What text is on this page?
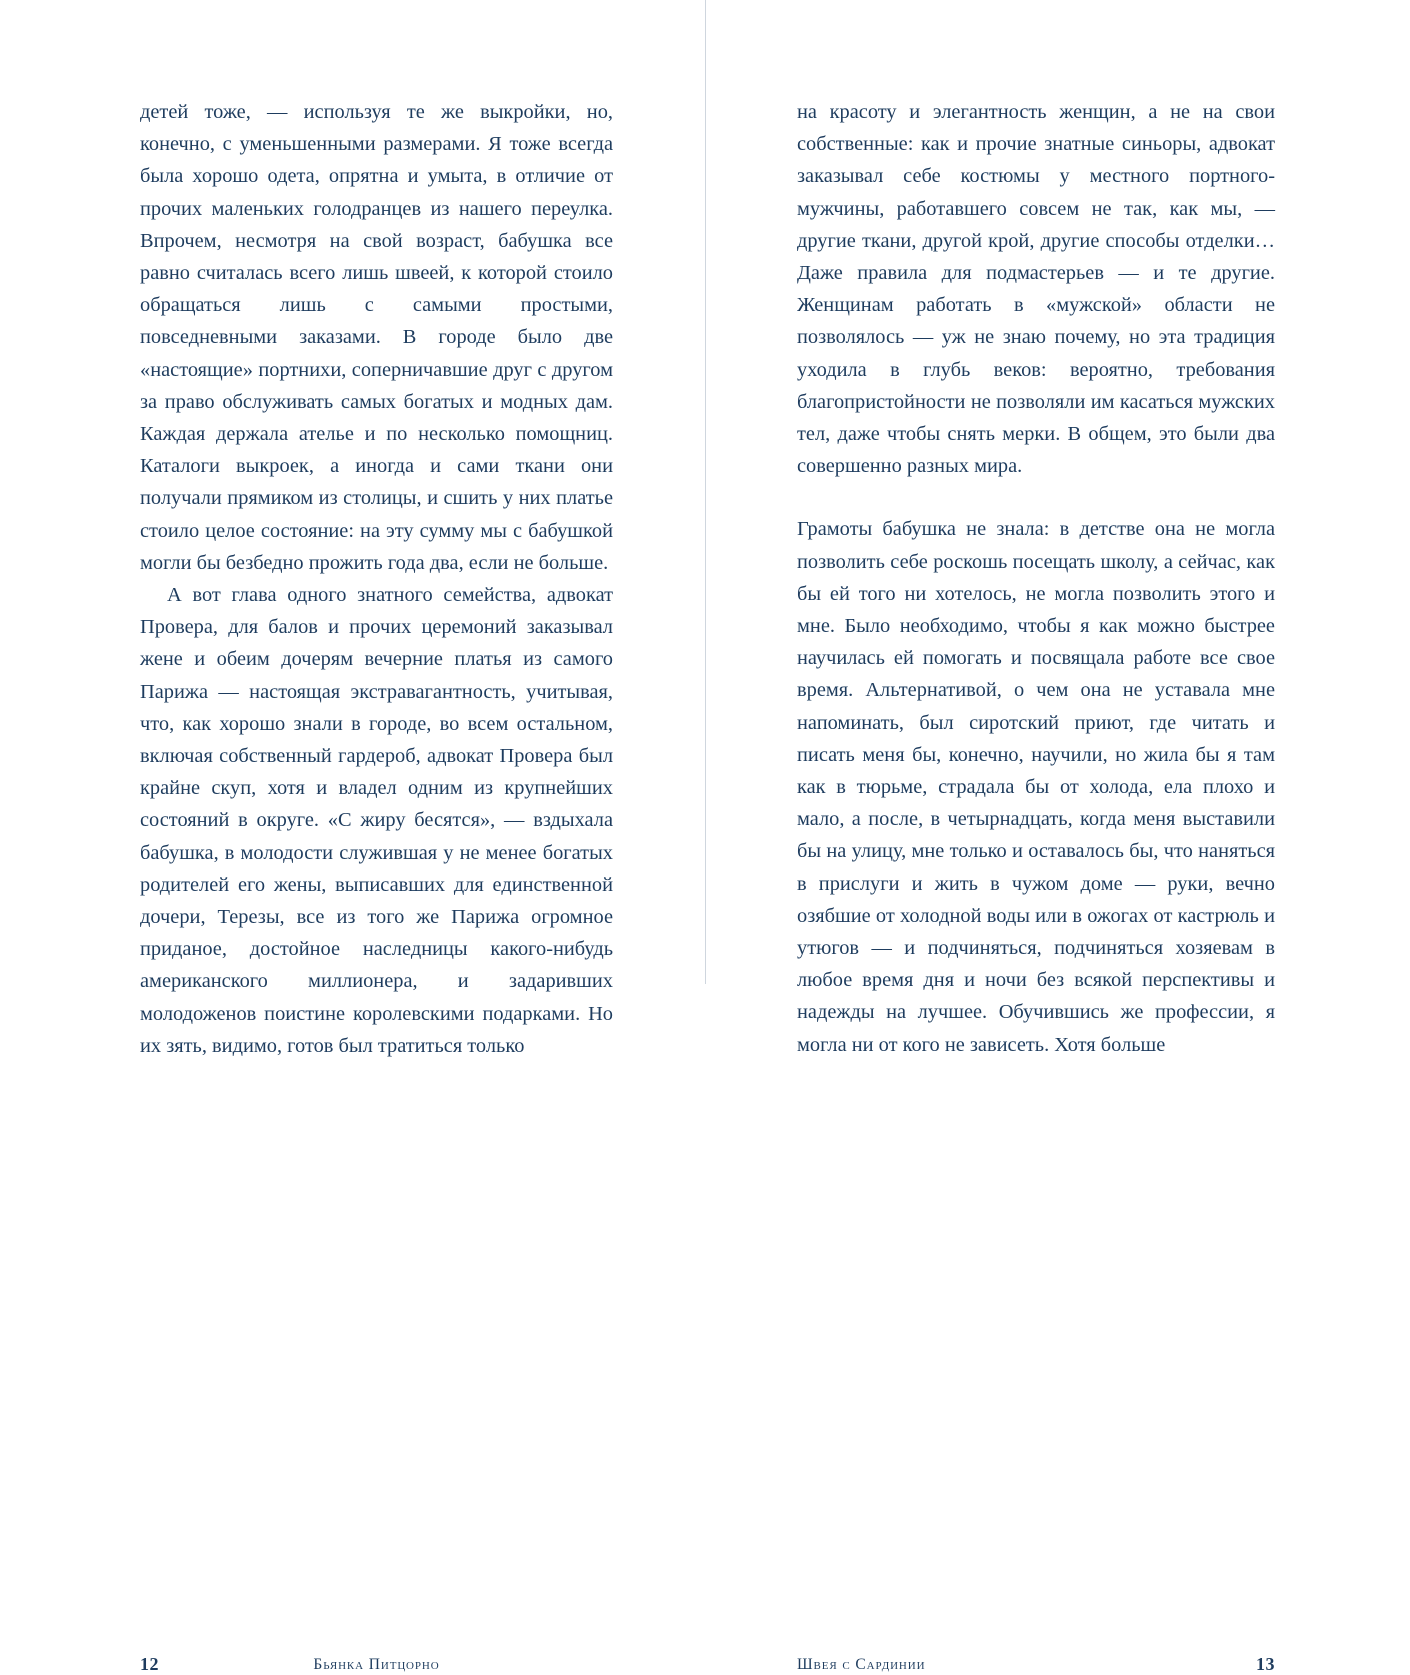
детей тоже, — используя те же выкройки, но, конечно, с уменьшенными размерами. Я тоже всегда была хорошо одета, опрятна и умыта, в отличие от прочих маленьких голодранцев из нашего переулка. Впрочем, несмотря на свой возраст, бабушка все равно считалась всего лишь швеей, к которой стоило обращаться лишь с самыми простыми, повседневными заказами. В городе было две «настоящие» портнихи, соперничавшие друг с другом за право обслуживать самых богатых и модных дам. Каждая держала ателье и по несколько помощниц. Каталоги выкроек, а иногда и сами ткани они получали прямиком из столицы, и сшить у них платье стоило целое состояние: на эту сумму мы с бабушкой могли бы безбедно прожить года два, если не больше.

А вот глава одного знатного семейства, адвокат Провера, для балов и прочих церемоний заказывал жене и обеим дочерям вечерние платья из самого Парижа — настоящая экстравагантность, учитывая, что, как хорошо знали в городе, во всем остальном, включая собственный гардероб, адвокат Провера был крайне скуп, хотя и владел одним из крупнейших состояний в округе. «С жиру бесятся», — вздыхала бабушка, в молодости служившая у не менее богатых родителей его жены, выписавших для единственной дочери, Терезы, все из того же Парижа огромное приданое, достойное наследницы какого-нибудь американского миллионера, и задаривших молодоженов поистине королевскими подарками. Но их зять, видимо, готов был тратиться только

12	Бьянка Питцорно

на красоту и элегантность женщин, а не на свои собственные: как и прочие знатные синьоры, адвокат заказывал себе костюмы у местного портного-мужчины, работавшего совсем не так, как мы, — другие ткани, другой крой, другие способы отделки… Даже правила для подмастерьев — и те другие. Женщинам работать в «мужской» области не позволялось — уж не знаю почему, но эта традиция уходила в глубь веков: вероятно, требования благопристойности не позволяли им касаться мужских тел, даже чтобы снять мерки. В общем, это были два совершенно разных мира.

Грамоты бабушка не знала: в детстве она не могла позволить себе роскошь посещать школу, а сейчас, как бы ей того ни хотелось, не могла позволить этого и мне. Было необходимо, чтобы я как можно быстрее научилась ей помогать и посвящала работе все свое время. Альтернативой, о чем она не уставала мне напоминать, был сиротский приют, где читать и писать меня бы, конечно, научили, но жила бы я там как в тюрьме, страдала бы от холода, ела плохо и мало, а после, в четырнадцать, когда меня выставили бы на улицу, мне только и оставалось бы, что наняться в прислуги и жить в чужом доме — руки, вечно озябшие от холодной воды или в ожогах от кастрюль и утюгов — и подчиняться, подчиняться хозяевам в любое время дня и ночи без всякой перспективы и надежды на лучшее. Обучившись же профессии, я могла ни от кого не зависеть. Хотя больше

Швея с Сардинии	13
